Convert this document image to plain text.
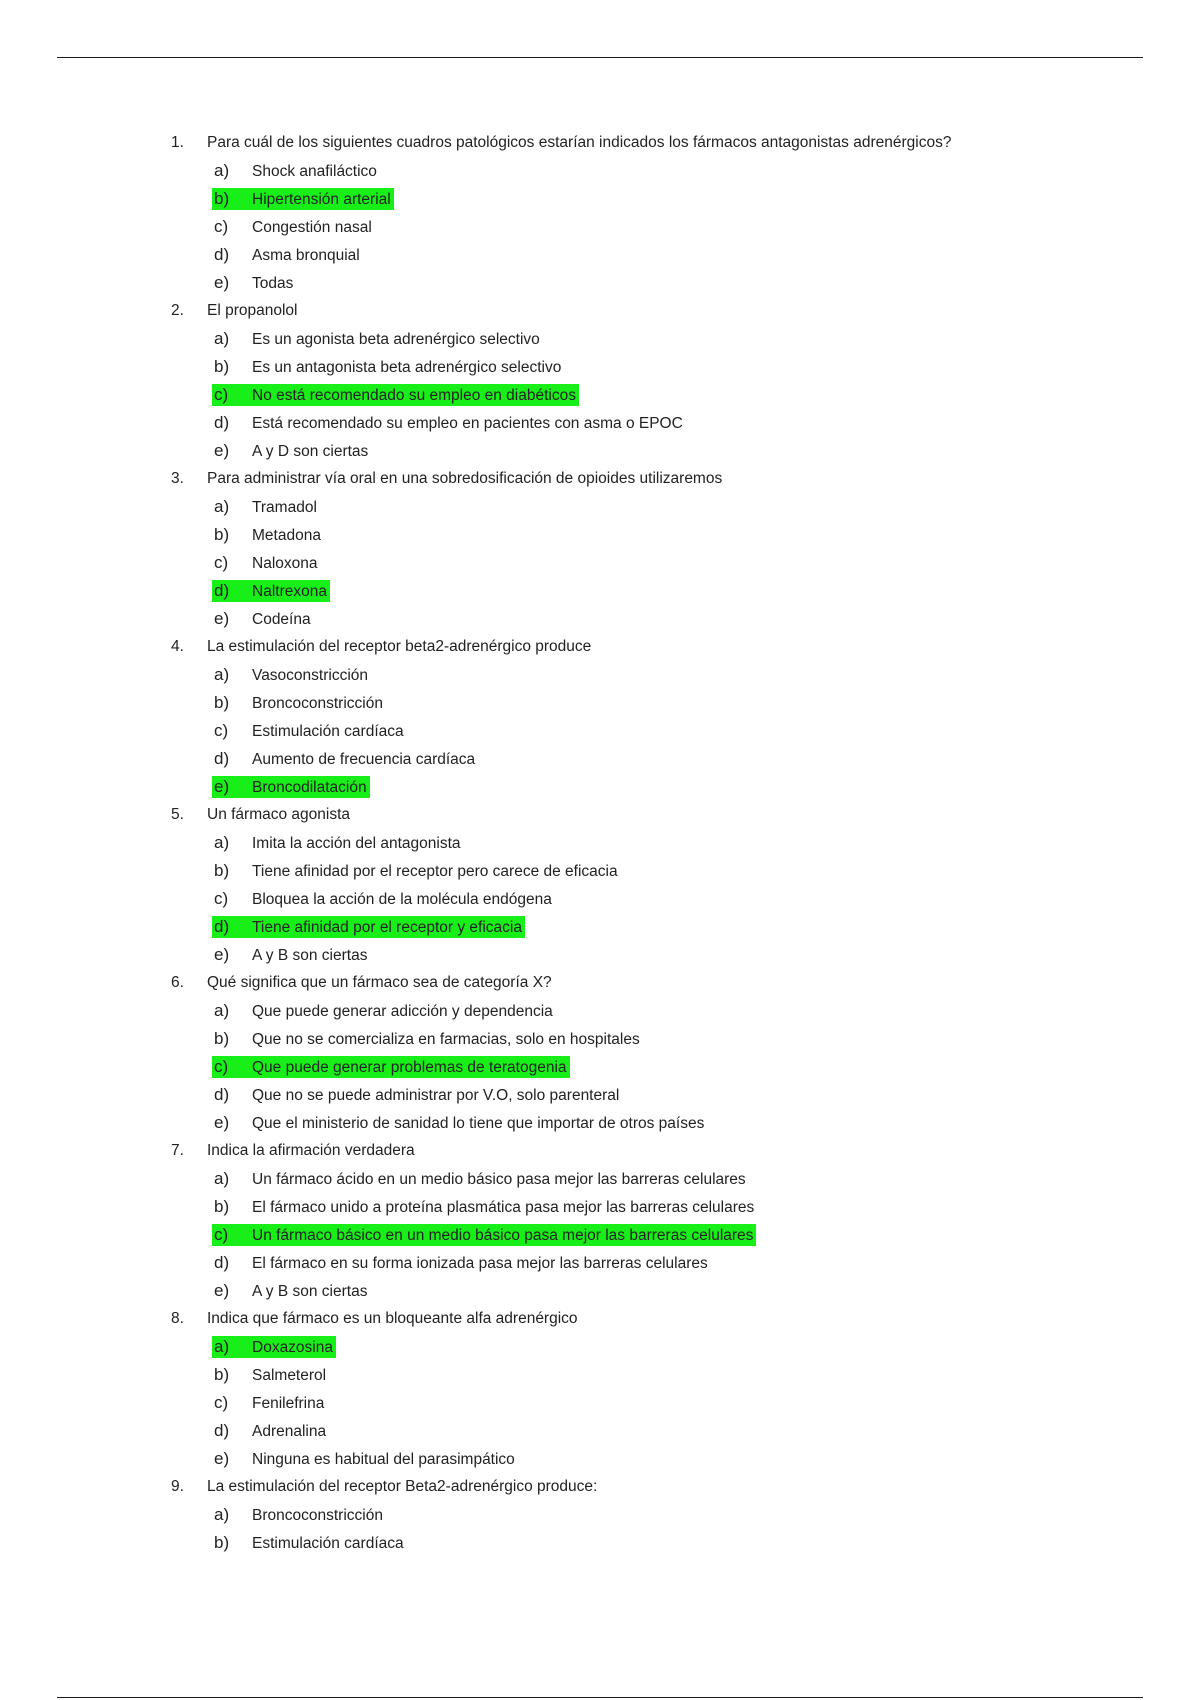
1.	Para cuál de los siguientes cuadros patológicos estarían indicados los fármacos antagonistas adrenérgicos?
a) Shock anafiláctico
b) Hipertensión arterial
c) Congestión nasal
d) Asma bronquial
e) Todas
2.	El propanolol
a) Es un agonista beta adrenérgico selectivo
b) Es un antagonista beta adrenérgico selectivo
c) No está recomendado su empleo en diabéticos
d) Está recomendado su empleo en pacientes con asma o EPOC
e) A y D son ciertas
3.	Para administrar vía oral en una sobredosificación de opioides utilizaremos
a) Tramadol
b) Metadona
c) Naloxona
d) Naltrexona
e) Codeína
4.	La estimulación del receptor beta2-adrenérgico produce
a) Vasoconstricción
b) Broncoconstricción
c) Estimulación cardíaca
d) Aumento de frecuencia cardíaca
e) Broncodilatación
5.	Un fármaco agonista
a) Imita la acción del antagonista
b) Tiene afinidad por el receptor pero carece de eficacia
c) Bloquea la acción de la molécula endógena
d) Tiene afinidad por el receptor y eficacia
e) A y B son ciertas
6.	Qué significa que un fármaco sea de categoría X?
a) Que puede generar adicción y dependencia
b) Que no se comercializa en farmacias, solo en hospitales
c) Que puede generar problemas de teratogenia
d) Que no se puede administrar por V.O, solo parenteral
e) Que el ministerio de sanidad lo tiene que importar de otros países
7.	Indica la afirmación verdadera
a) Un fármaco ácido en un medio básico pasa mejor las barreras celulares
b) El fármaco unido a proteína plasmática pasa mejor las barreras celulares
c) Un fármaco básico en un medio básico pasa mejor las barreras celulares
d) El fármaco en su forma ionizada pasa mejor las barreras celulares
e) A y B son ciertas
8.	Indica que fármaco es un bloqueante alfa adrenérgico
a) Doxazosina
b) Salmeterol
c) Fenilefrina
d) Adrenalina
e) Ninguna es habitual del parasimpático
9.	La estimulación del receptor Beta2-adrenérgico produce:
a) Broncoconstricción
b) Estimulación cardíaca
